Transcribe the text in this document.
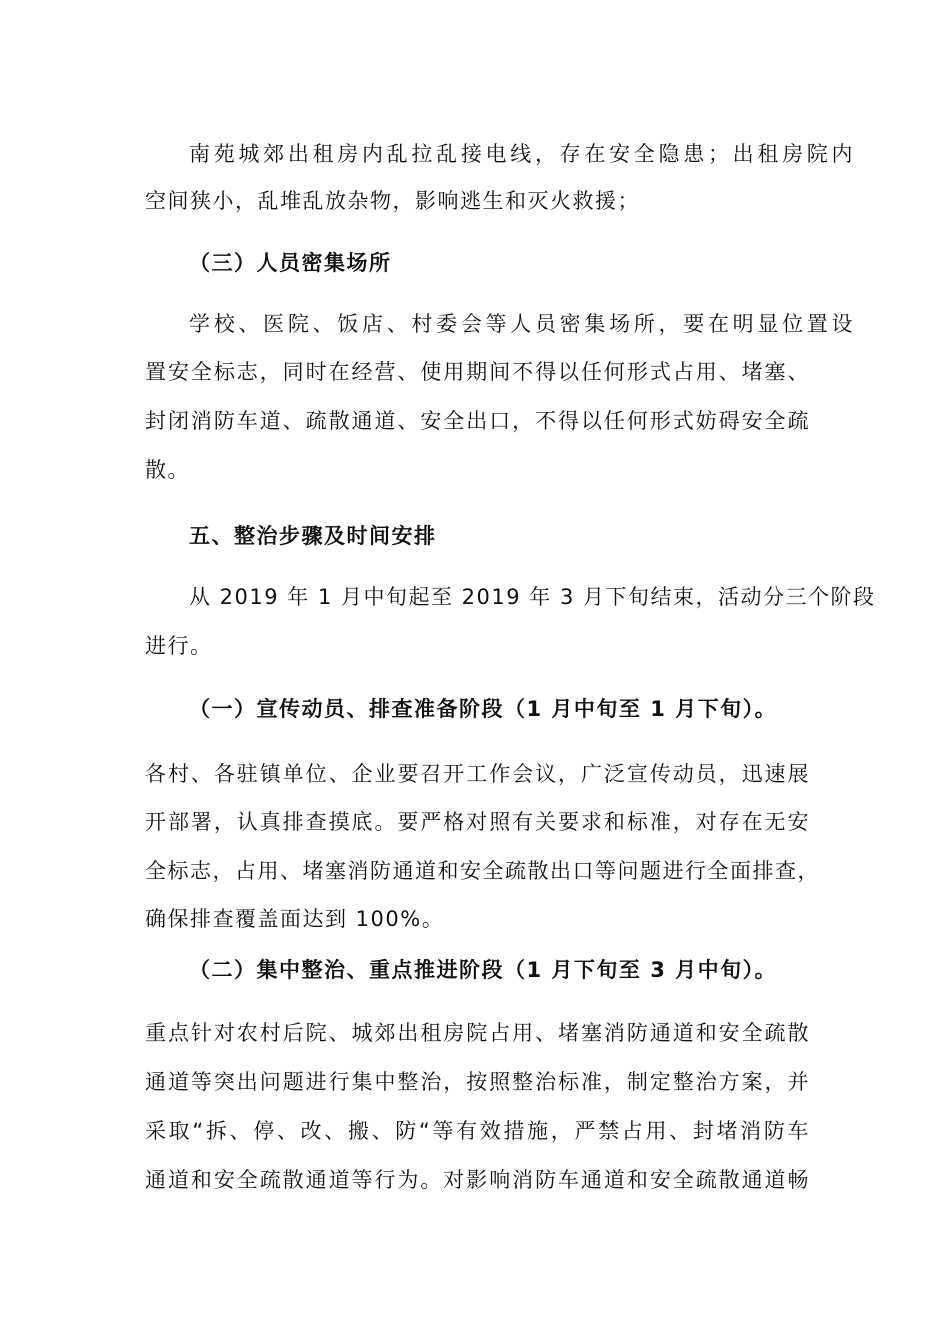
南苑城郊出租房内乱拉乱接电线，存在安全隐患；出租房院内
空间狭小，乱堆乱放杂物，影响逃生和灭火救援；
（三）人员密集场所
学校、医院、饭店、村委会等人员密集场所，要在明显位置设
置安全标志，同时在经营、使用期间不得以任何形式占用、堵塞、
封闭消防车道、疏散通道、安全出口，不得以任何形式妨碍安全疏
散。
五、整治步骤及时间安排
从 2019 年 1 月中旬起至 2019 年 3 月下旬结束，活动分三个阶段
进行。
（一）宣传动员、排查准备阶段（1 月中旬至 1 月下旬）。
各村、各驻镇单位、企业要召开工作会议，广泛宣传动员，迅速展
开部署，认真排查摸底。要严格对照有关要求和标准，对存在无安
全标志，占用、堵塞消防通道和安全疏散出口等问题进行全面排查，
确保排查覆盖面达到 100%。
（二）集中整治、重点推进阶段（1 月下旬至 3 月中旬）。
重点针对农村后院、城郊出租房院占用、堵塞消防通道和安全疏散
通道等突出问题进行集中整治，按照整治标准，制定整治方案，并
采取“拆、停、改、搬、防“等有效措施，严禁占用、封堵消防车
通道和安全疏散通道等行为。对影响消防车通道和安全疏散通道畅
